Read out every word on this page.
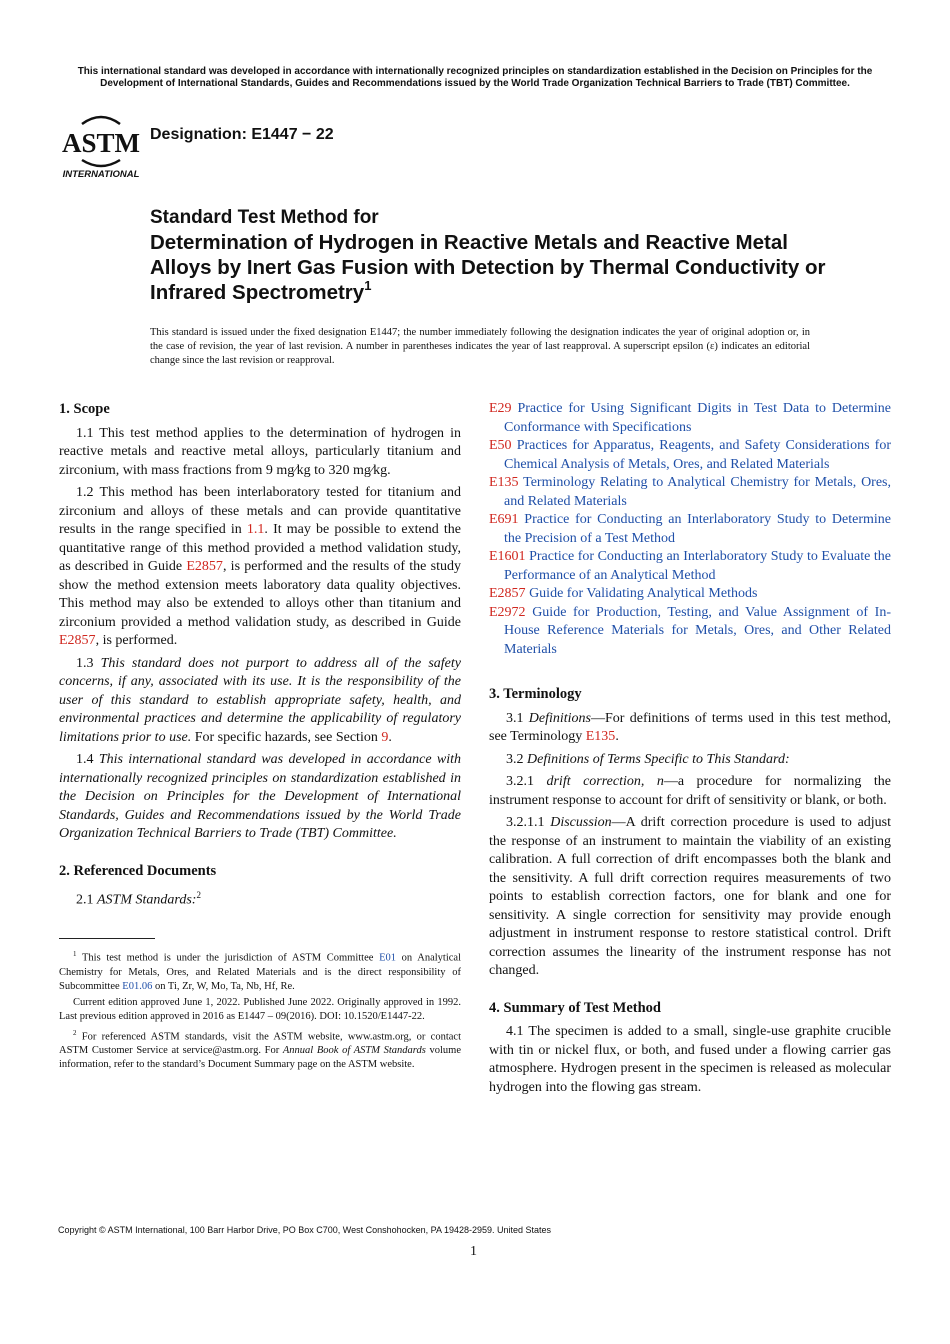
This international standard was developed in accordance with internationally recognized principles on standardization established in the Decision on Principles for the Development of International Standards, Guides and Recommendations issued by the World Trade Organization Technical Barriers to Trade (TBT) Committee.
ASTM
INTERNATIONAL
Designation: E1447 − 22
Standard Test Method for
Determination of Hydrogen in Reactive Metals and Reactive Metal Alloys by Inert Gas Fusion with Detection by Thermal Conductivity or Infrared Spectrometry$^1$
This standard is issued under the fixed designation E1447; the number immediately following the designation indicates the year of original adoption or, in the case of revision, the year of last revision. A number in parentheses indicates the year of last reapproval. A superscript epsilon (ε) indicates an editorial change since the last revision or reapproval.
1. Scope

1.1 This test method applies to the determination of hydrogen in reactive metals and reactive metal alloys, particularly titanium and zirconium, with mass fractions from 9 mg⁄kg to 320 mg⁄kg.

1.2 This method has been interlaboratory tested for titanium and zirconium and alloys of these metals and can provide quantitative results in the range specified in 1.1. It may be possible to extend the quantitative range of this method provided a method validation study, as described in Guide E2857, is performed and the results of the study show the method extension meets laboratory data quality objectives. This method may also be extended to alloys other than titanium and zirconium provided a method validation study, as described in Guide E2857, is performed.

1.3 This standard does not purport to address all of the safety concerns, if any, associated with its use. It is the responsibility of the user of this standard to establish appropriate safety, health, and environmental practices and determine the applicability of regulatory limitations prior to use. For specific hazards, see Section 9.

1.4 This international standard was developed in accordance with internationally recognized principles on standardization established in the Decision on Principles for the Development of International Standards, Guides and Recommendations issued by the World Trade Organization Technical Barriers to Trade (TBT) Committee.

2. Referenced Documents

2.1 ASTM Standards:$^2$

$^1$ This test method is under the jurisdiction of ASTM Committee E01 on Analytical Chemistry for Metals, Ores, and Related Materials and is the direct responsibility of Subcommittee E01.06 on Ti, Zr, W, Mo, Ta, Nb, Hf, Re.

Current edition approved June 1, 2022. Published June 2022. Originally approved in 1992. Last previous edition approved in 2016 as E1447 – 09(2016). DOI: 10.1520/E1447-22.

$^2$ For referenced ASTM standards, visit the ASTM website, www.astm.org, or contact ASTM Customer Service at service@astm.org. For Annual Book of ASTM Standards volume information, refer to the standard’s Document Summary page on the ASTM website.

E29 Practice for Using Significant Digits in Test Data to Determine Conformance with Specifications

E50 Practices for Apparatus, Reagents, and Safety Considerations for Chemical Analysis of Metals, Ores, and Related Materials

E135 Terminology Relating to Analytical Chemistry for Metals, Ores, and Related Materials

E691 Practice for Conducting an Interlaboratory Study to Determine the Precision of a Test Method

E1601 Practice for Conducting an Interlaboratory Study to Evaluate the Performance of an Analytical Method

E2857 Guide for Validating Analytical Methods

E2972 Guide for Production, Testing, and Value Assignment of In-House Reference Materials for Metals, Ores, and Other Related Materials

3. Terminology

3.1 Definitions—For definitions of terms used in this test method, see Terminology E135.

3.2 Definitions of Terms Specific to This Standard:

3.2.1 drift correction, n—a procedure for normalizing the instrument response to account for drift of sensitivity or blank, or both.

3.2.1.1 Discussion—A drift correction procedure is used to adjust the response of an instrument to maintain the viability of an existing calibration. A full correction of drift encompasses both the blank and the sensitivity. A full drift correction requires measurements of two points to establish correction factors, one for blank and one for sensitivity. A single correction for sensitivity may provide enough adjustment in instrument response to restore statistical control. Drift correction assumes the linearity of the instrument response has not changed.

4. Summary of Test Method

4.1 The specimen is added to a small, single-use graphite crucible with tin or nickel flux, or both, and fused under a flowing carrier gas atmosphere. Hydrogen present in the specimen is released as molecular hydrogen into the flowing gas stream.

Copyright © ASTM International, 100 Barr Harbor Drive, PO Box C700, West Conshohocken, PA 19428-2959. United States
1
